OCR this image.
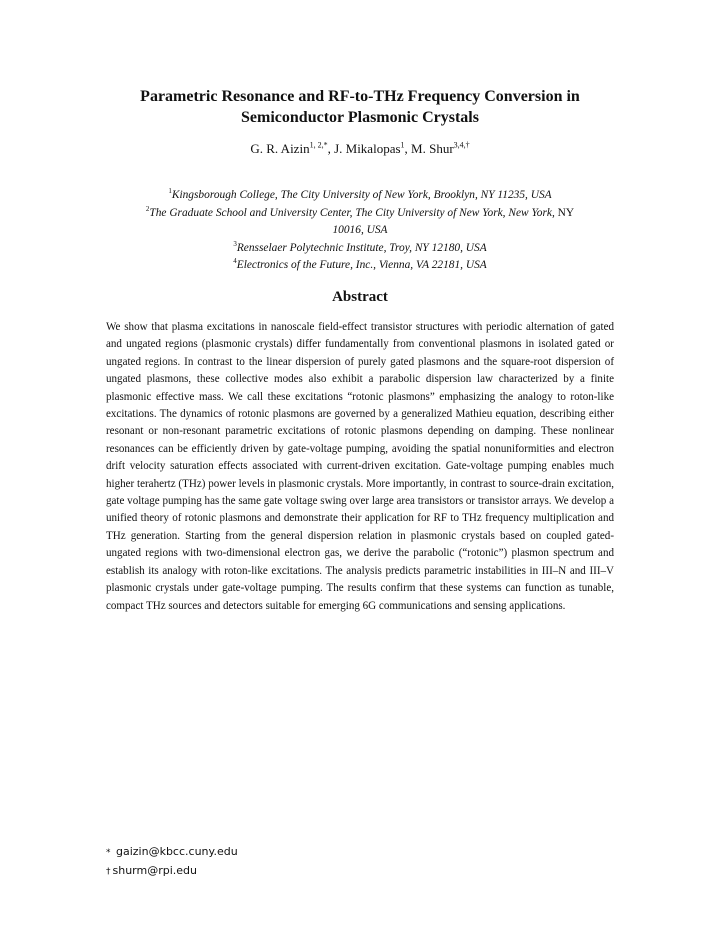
Parametric Resonance and RF-to-THz Frequency Conversion in
Semiconductor Plasmonic Crystals
G. R. Aizin$^{1, 2,*}$, J. Mikalopas$^1$, M. Shur$^{3,4,\dagger}$
$^1$Kingsborough College, The City University of New York, Brooklyn, NY 11235, USA
$^2$The Graduate School and University Center, The City University of New York, New York, NY
10016, USA
$^3$Rensselaer Polytechnic Institute, Troy, NY 12180, USA
$^4$Electronics of the Future, Inc., Vienna, VA 22181, USA
Abstract
We show that plasma excitations in nanoscale field-effect transistor structures with periodic alternation of gated and ungated regions (plasmonic crystals) differ fundamentally from conventional plasmons in isolated gated or ungated regions. In contrast to the linear dispersion of purely gated plasmons and the square-root dispersion of ungated plasmons, these collective modes also exhibit a parabolic dispersion law characterized by a finite plasmonic effective mass. We call these excitations “rotonic plasmons” emphasizing the analogy to roton-like excitations. The dynamics of rotonic plasmons are governed by a generalized Mathieu equation, describing either resonant or non-resonant parametric excitations of rotonic plasmons depending on damping. These nonlinear resonances can be efficiently driven by gate-voltage pumping, avoiding the spatial nonuniformities and electron drift velocity saturation effects associated with current-driven excitation. Gate-voltage pumping enables much higher terahertz (THz) power levels in plasmonic crystals. More importantly, in contrast to source-drain excitation, gate voltage pumping has the same gate voltage swing over large area transistors or transistor arrays. We develop a unified theory of rotonic plasmons and demonstrate their application for RF to THz frequency multiplication and THz generation. Starting from the general dispersion relation in plasmonic crystals based on coupled gated-ungated regions with two-dimensional electron gas, we derive the parabolic (“rotonic”) plasmon spectrum and establish its analogy with roton-like excitations. The analysis predicts parametric instabilities in III–N and III–V plasmonic crystals under gate-voltage pumping. The results confirm that these systems can function as tunable, compact THz sources and detectors suitable for emerging 6G communications and sensing applications.
* gaizin@kbcc.cuny.edu
† shurm@rpi.edu
